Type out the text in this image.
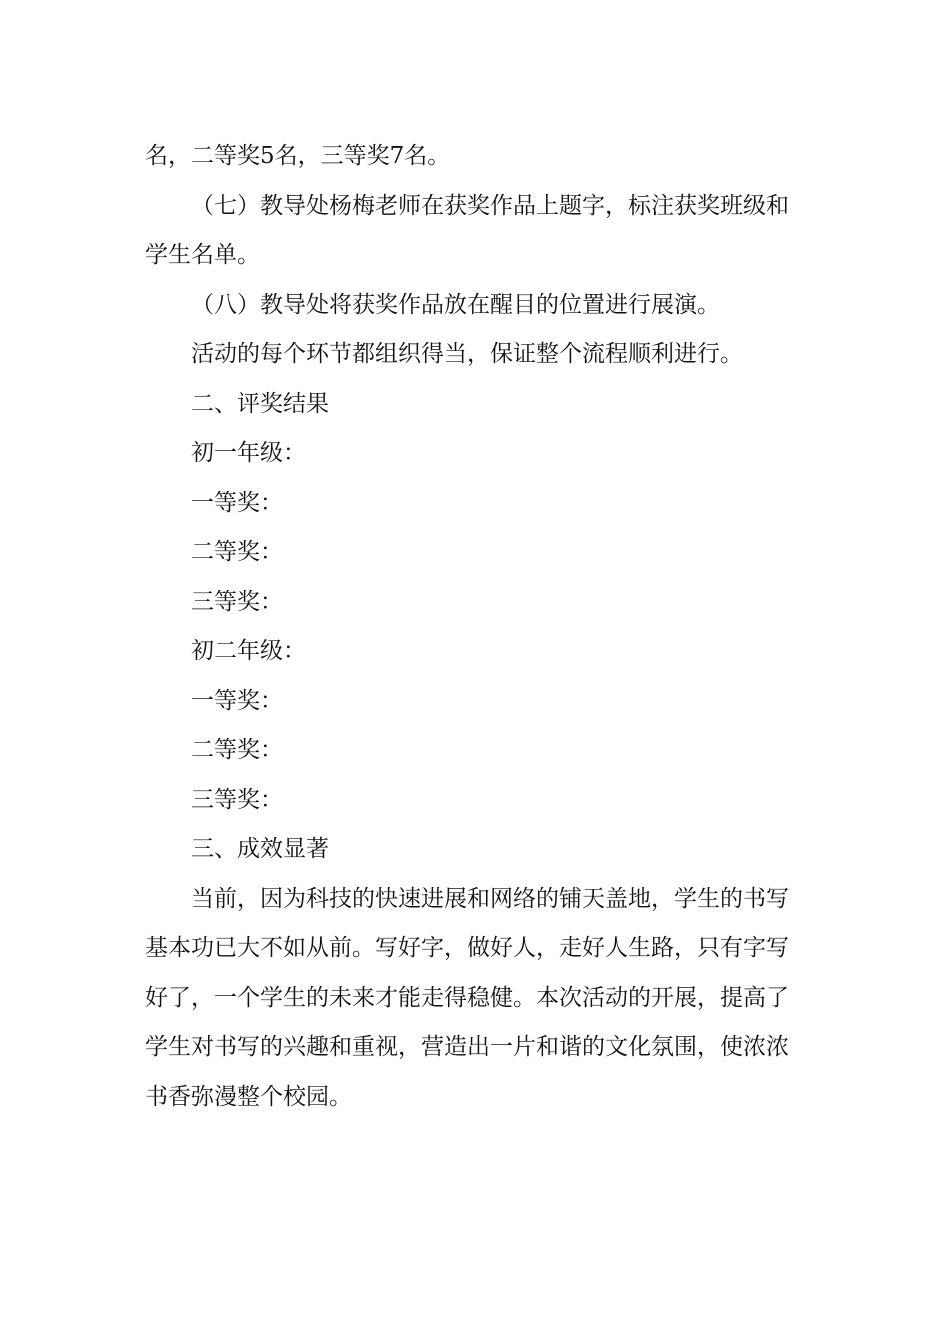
名，二等奖5名，三等奖7名。

（七）教导处杨梅老师在获奖作品上题字，标注获奖班级和学生名单。

（八）教导处将获奖作品放在醒目的位置进行展演。

活动的每个环节都组织得当，保证整个流程顺利进行。

二、评奖结果

初一年级：

一等奖：

二等奖：

三等奖：

初二年级：

一等奖：

二等奖：

三等奖：

三、成效显著

当前，因为科技的快速进展和网络的铺天盖地，学生的书写基本功已大不如从前。写好字，做好人，走好人生路，只有字写好了，一个学生的未来才能走得稳健。本次活动的开展，提高了学生对书写的兴趣和重视，营造出一片和谐的文化氛围，使浓浓书香弥漫整个校园。
